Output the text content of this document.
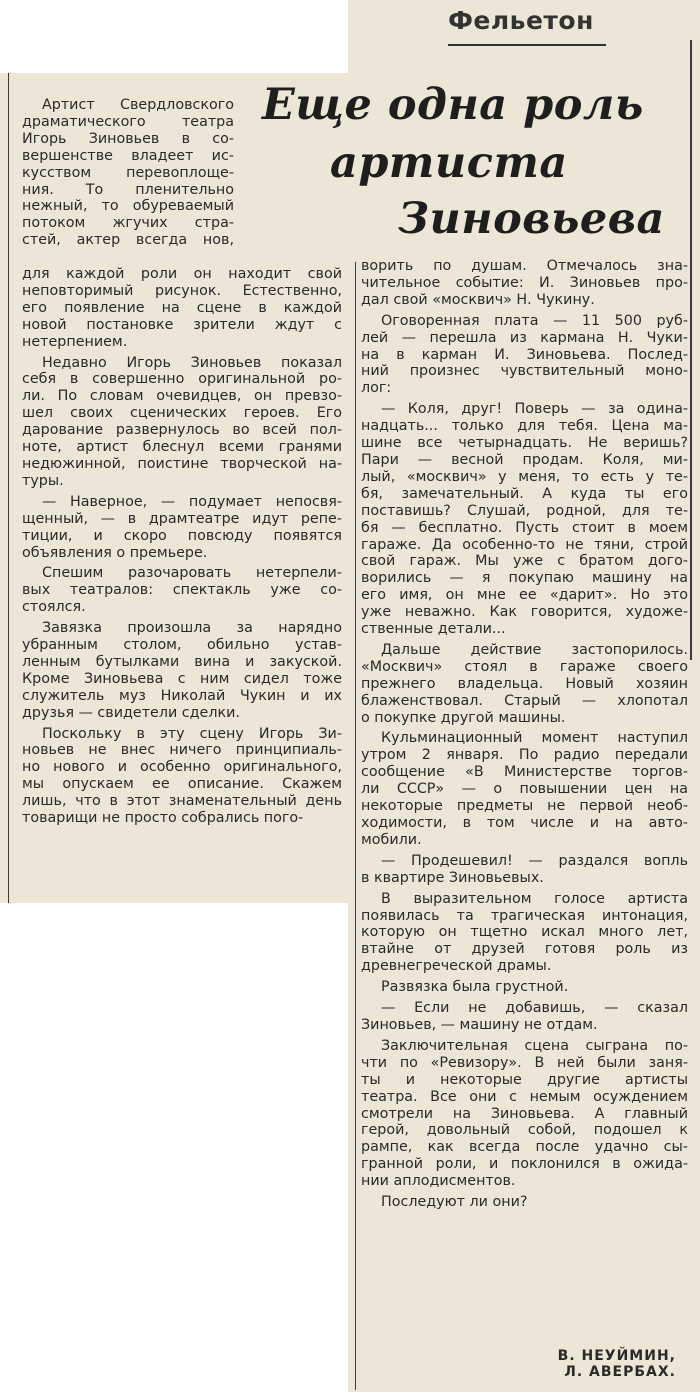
Фельетон
Еще одна роль
артиста
Зиновьева
Артист Свердловского
драматического театра
Игорь Зиновьев в со-
вершенстве владеет ис-
кусством перевоплоще-
ния. То пленительно
нежный, то обуреваемый
потоком жгучих стра-
стей, актер всегда нов,
для каждой роли он находит свой
неповторимый рисунок. Естественно,
его появление на сцене в каждой
новой постановке зрители ждут с
нетерпением.
Недавно Игорь Зиновьев показал
себя в совершенно оригинальной ро-
ли. По словам очевидцев, он превзо-
шел своих сценических героев. Его
дарование развернулось во всей пол-
ноте, артист блеснул всеми гранями
недюжинной, поистине творческой на-
туры.
— Наверное, — подумает непосвя-
щенный, — в драмтеатре идут репе-
тиции, и скоро повсюду появятся
объявления о премьере.
Спешим разочаровать нетерпели-
вых театралов: спектакль уже со-
стоялся.
Завязка произошла за нарядно
убранным столом, обильно устав-
ленным бутылками вина и закуской.
Кроме Зиновьева с ним сидел тоже
служитель муз Николай Чукин и их
друзья — свидетели сделки.
Поскольку в эту сцену Игорь Зи-
новьев не внес ничего принципиаль-
но нового и особенно оригинального,
мы опускаем ее описание. Скажем
лишь, что в этот знаменательный день
товарищи не просто собрались пого-
ворить по душам. Отмечалось зна-
чительное событие: И. Зиновьев про-
дал свой «москвич» Н. Чукину.
Оговоренная плата — 11 500 руб-
лей — перешла из кармана Н. Чуки-
на в карман И. Зиновьева. Послед-
ний произнес чувствительный моно-
лог:
— Коля, друг! Поверь — за одина-
надцать... только для тебя. Цена ма-
шине все четырнадцать. Не веришь?
Пари — весной продам. Коля, ми-
лый, «москвич» у меня, то есть у те-
бя, замечательный. А куда ты его
поставишь? Слушай, родной, для те-
бя — бесплатно. Пусть стоит в моем
гараже. Да особенно-то не тяни, строй
свой гараж. Мы уже с братом дого-
ворились — я покупаю машину на
его имя, он мне ее «дарит». Но это
уже неважно. Как говорится, художе-
ственные детали...
Дальше действие застопорилось.
«Москвич» стоял в гараже своего
прежнего владельца. Новый хозяин
блаженствовал. Старый — хлопотал
о покупке другой машины.
Кульминационный момент наступил
утром 2 января. По радио передали
сообщение «В Министерстве торгов-
ли СССР» — о повышении цен на
некоторые предметы не первой необ-
ходимости, в том числе и на авто-
мобили.
— Продешевил! — раздался вопль
в квартире Зиновьевых.
В выразительном голосе артиста
появилась та трагическая интонация,
которую он тщетно искал много лет,
втайне от друзей готовя роль из
древнегреческой драмы.
Развязка была грустной.
— Если не добавишь, — сказал
Зиновьев, — машину не отдам.
Заключительная сцена сыграна по-
чти по «Ревизору». В ней были заня-
ты и некоторые другие артисты
театра. Все они с немым осуждением
смотрели на Зиновьева. А главный
герой, довольный собой, подошел к
рампе, как всегда после удачно сы-
гранной роли, и поклонился в ожида-
нии аплодисментов.
Последуют ли они?
В. НЕУЙМИН,
Л. АВЕРБАХ.
